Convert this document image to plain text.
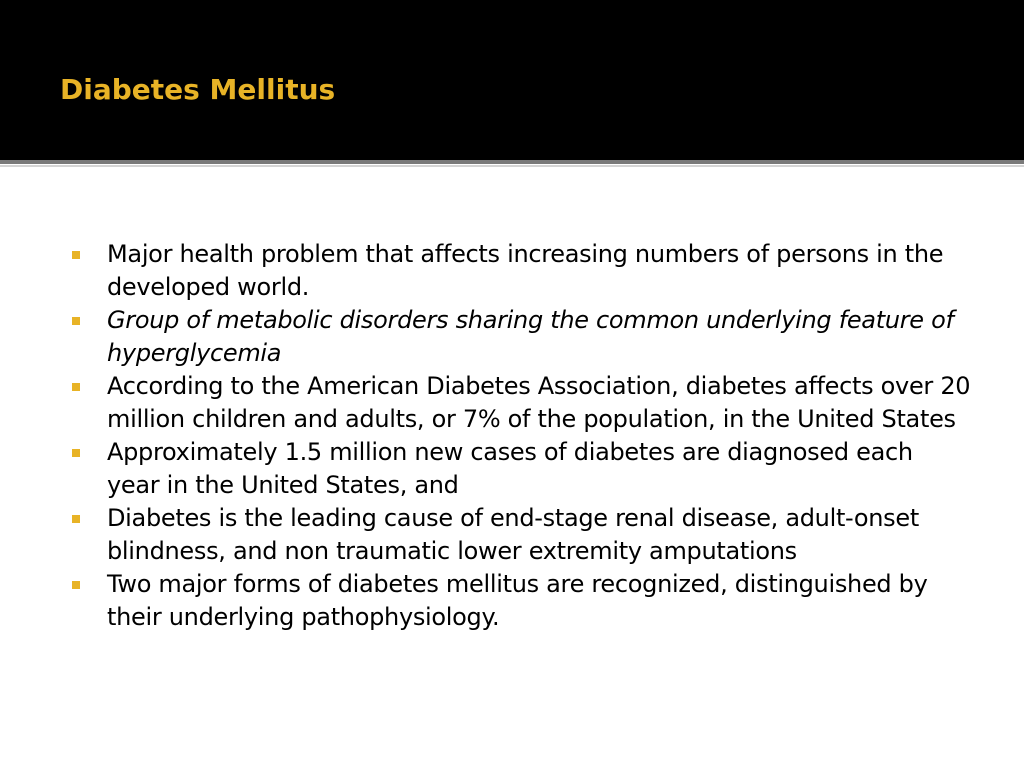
Diabetes Mellitus
Major health problem that affects increasing numbers of persons in the developed world.
Group of metabolic disorders sharing the common underlying feature of hyperglycemia
According to the American Diabetes Association, diabetes affects over 20 million children and adults, or 7% of the population, in the United States
Approximately 1.5 million new cases of diabetes are diagnosed each year in the United States, and
Diabetes is the leading cause of end-stage renal disease, adult-onset blindness, and non traumatic lower extremity amputations
Two major forms of diabetes mellitus are recognized, distinguished by their underlying pathophysiology.
